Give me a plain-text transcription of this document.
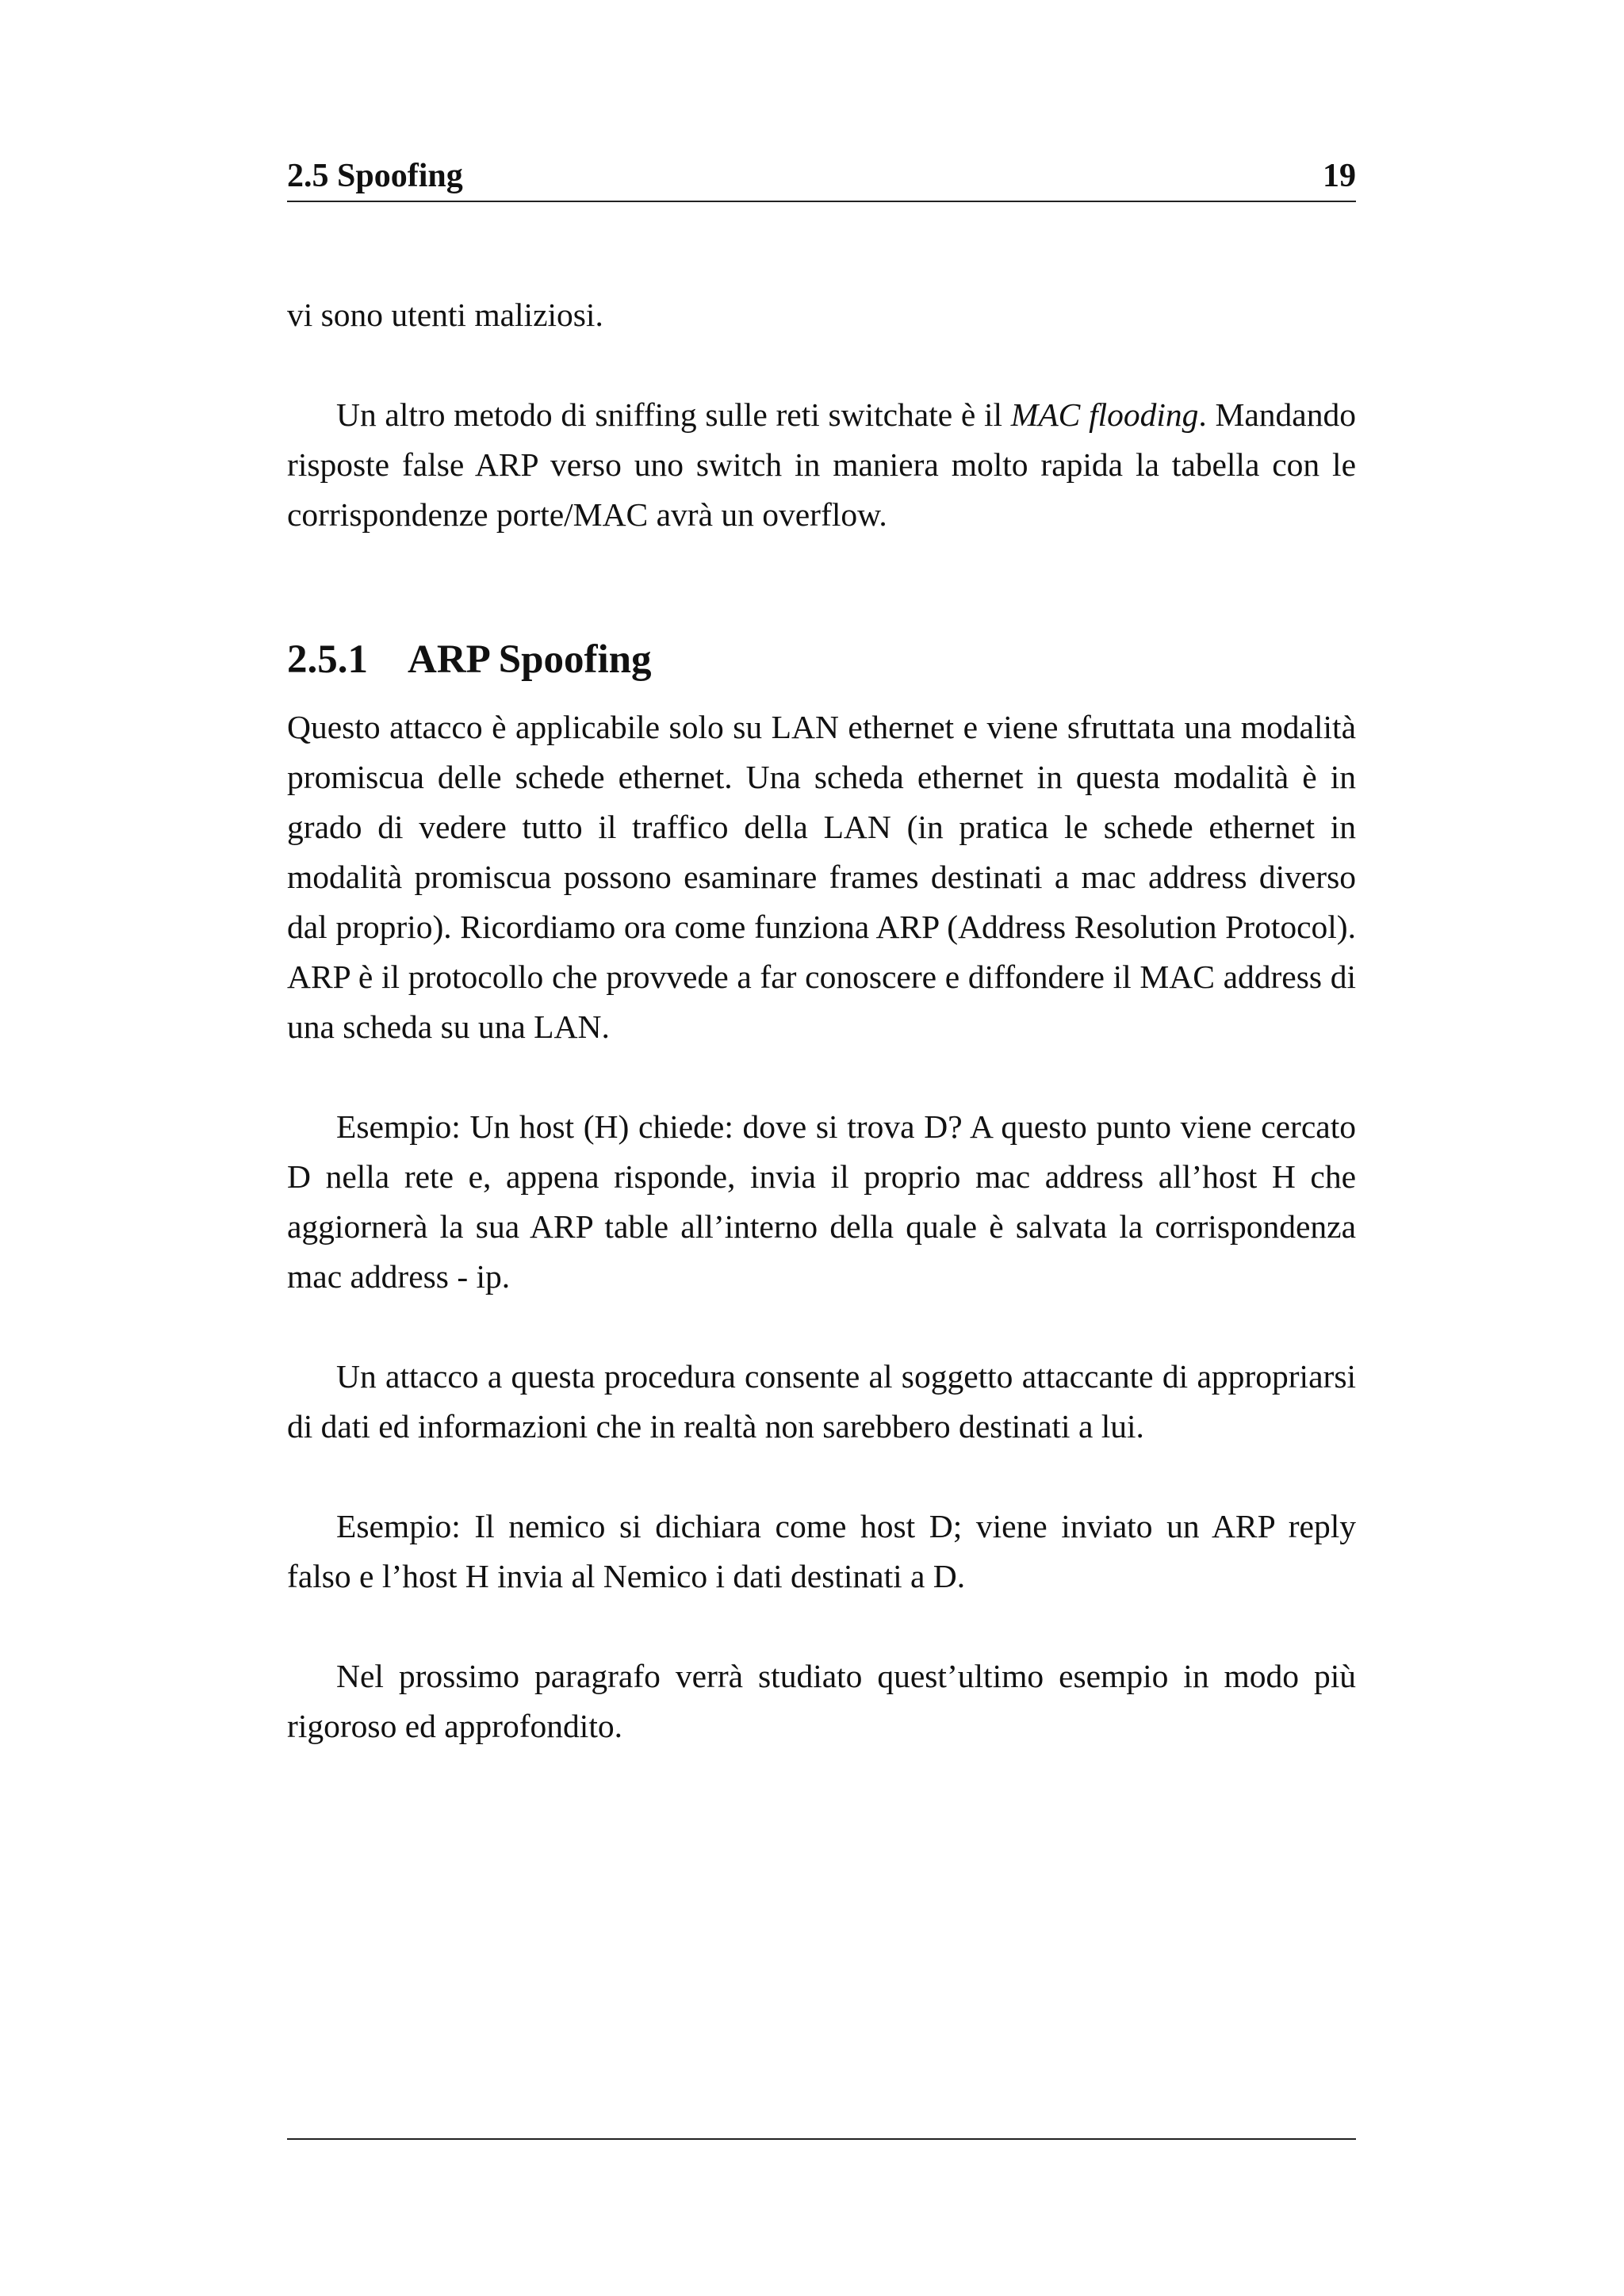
2.5 Spoofing	19

vi sono utenti maliziosi.

Un altro metodo di sniffing sulle reti switchate è il MAC flooding. Mandando risposte false ARP verso uno switch in maniera molto rapida la tabella con le corrispondenze porte/MAC avrà un overflow.

2.5.1 ARP Spoofing

Questo attacco è applicabile solo su LAN ethernet e viene sfruttata una modalità promiscua delle schede ethernet. Una scheda ethernet in questa modalità è in grado di vedere tutto il traffico della LAN (in pratica le schede ethernet in modalità promiscua possono esaminare frames destinati a mac address diverso dal proprio). Ricordiamo ora come funziona ARP (Address Resolution Protocol). ARP è il protocollo che provvede a far conoscere e diffondere il MAC address di una scheda su una LAN.

Esempio: Un host (H) chiede: dove si trova D? A questo punto viene cercato D nella rete e, appena risponde, invia il proprio mac address all’host H che aggiornerà la sua ARP table all’interno della quale è salvata la corrispondenza mac address - ip.

Un attacco a questa procedura consente al soggetto attaccante di appropriarsi di dati ed informazioni che in realtà non sarebbero destinati a lui.

Esempio: Il nemico si dichiara come host D; viene inviato un ARP reply falso e l’host H invia al Nemico i dati destinati a D.

Nel prossimo paragrafo verrà studiato quest’ultimo esempio in modo più rigoroso ed approfondito.
